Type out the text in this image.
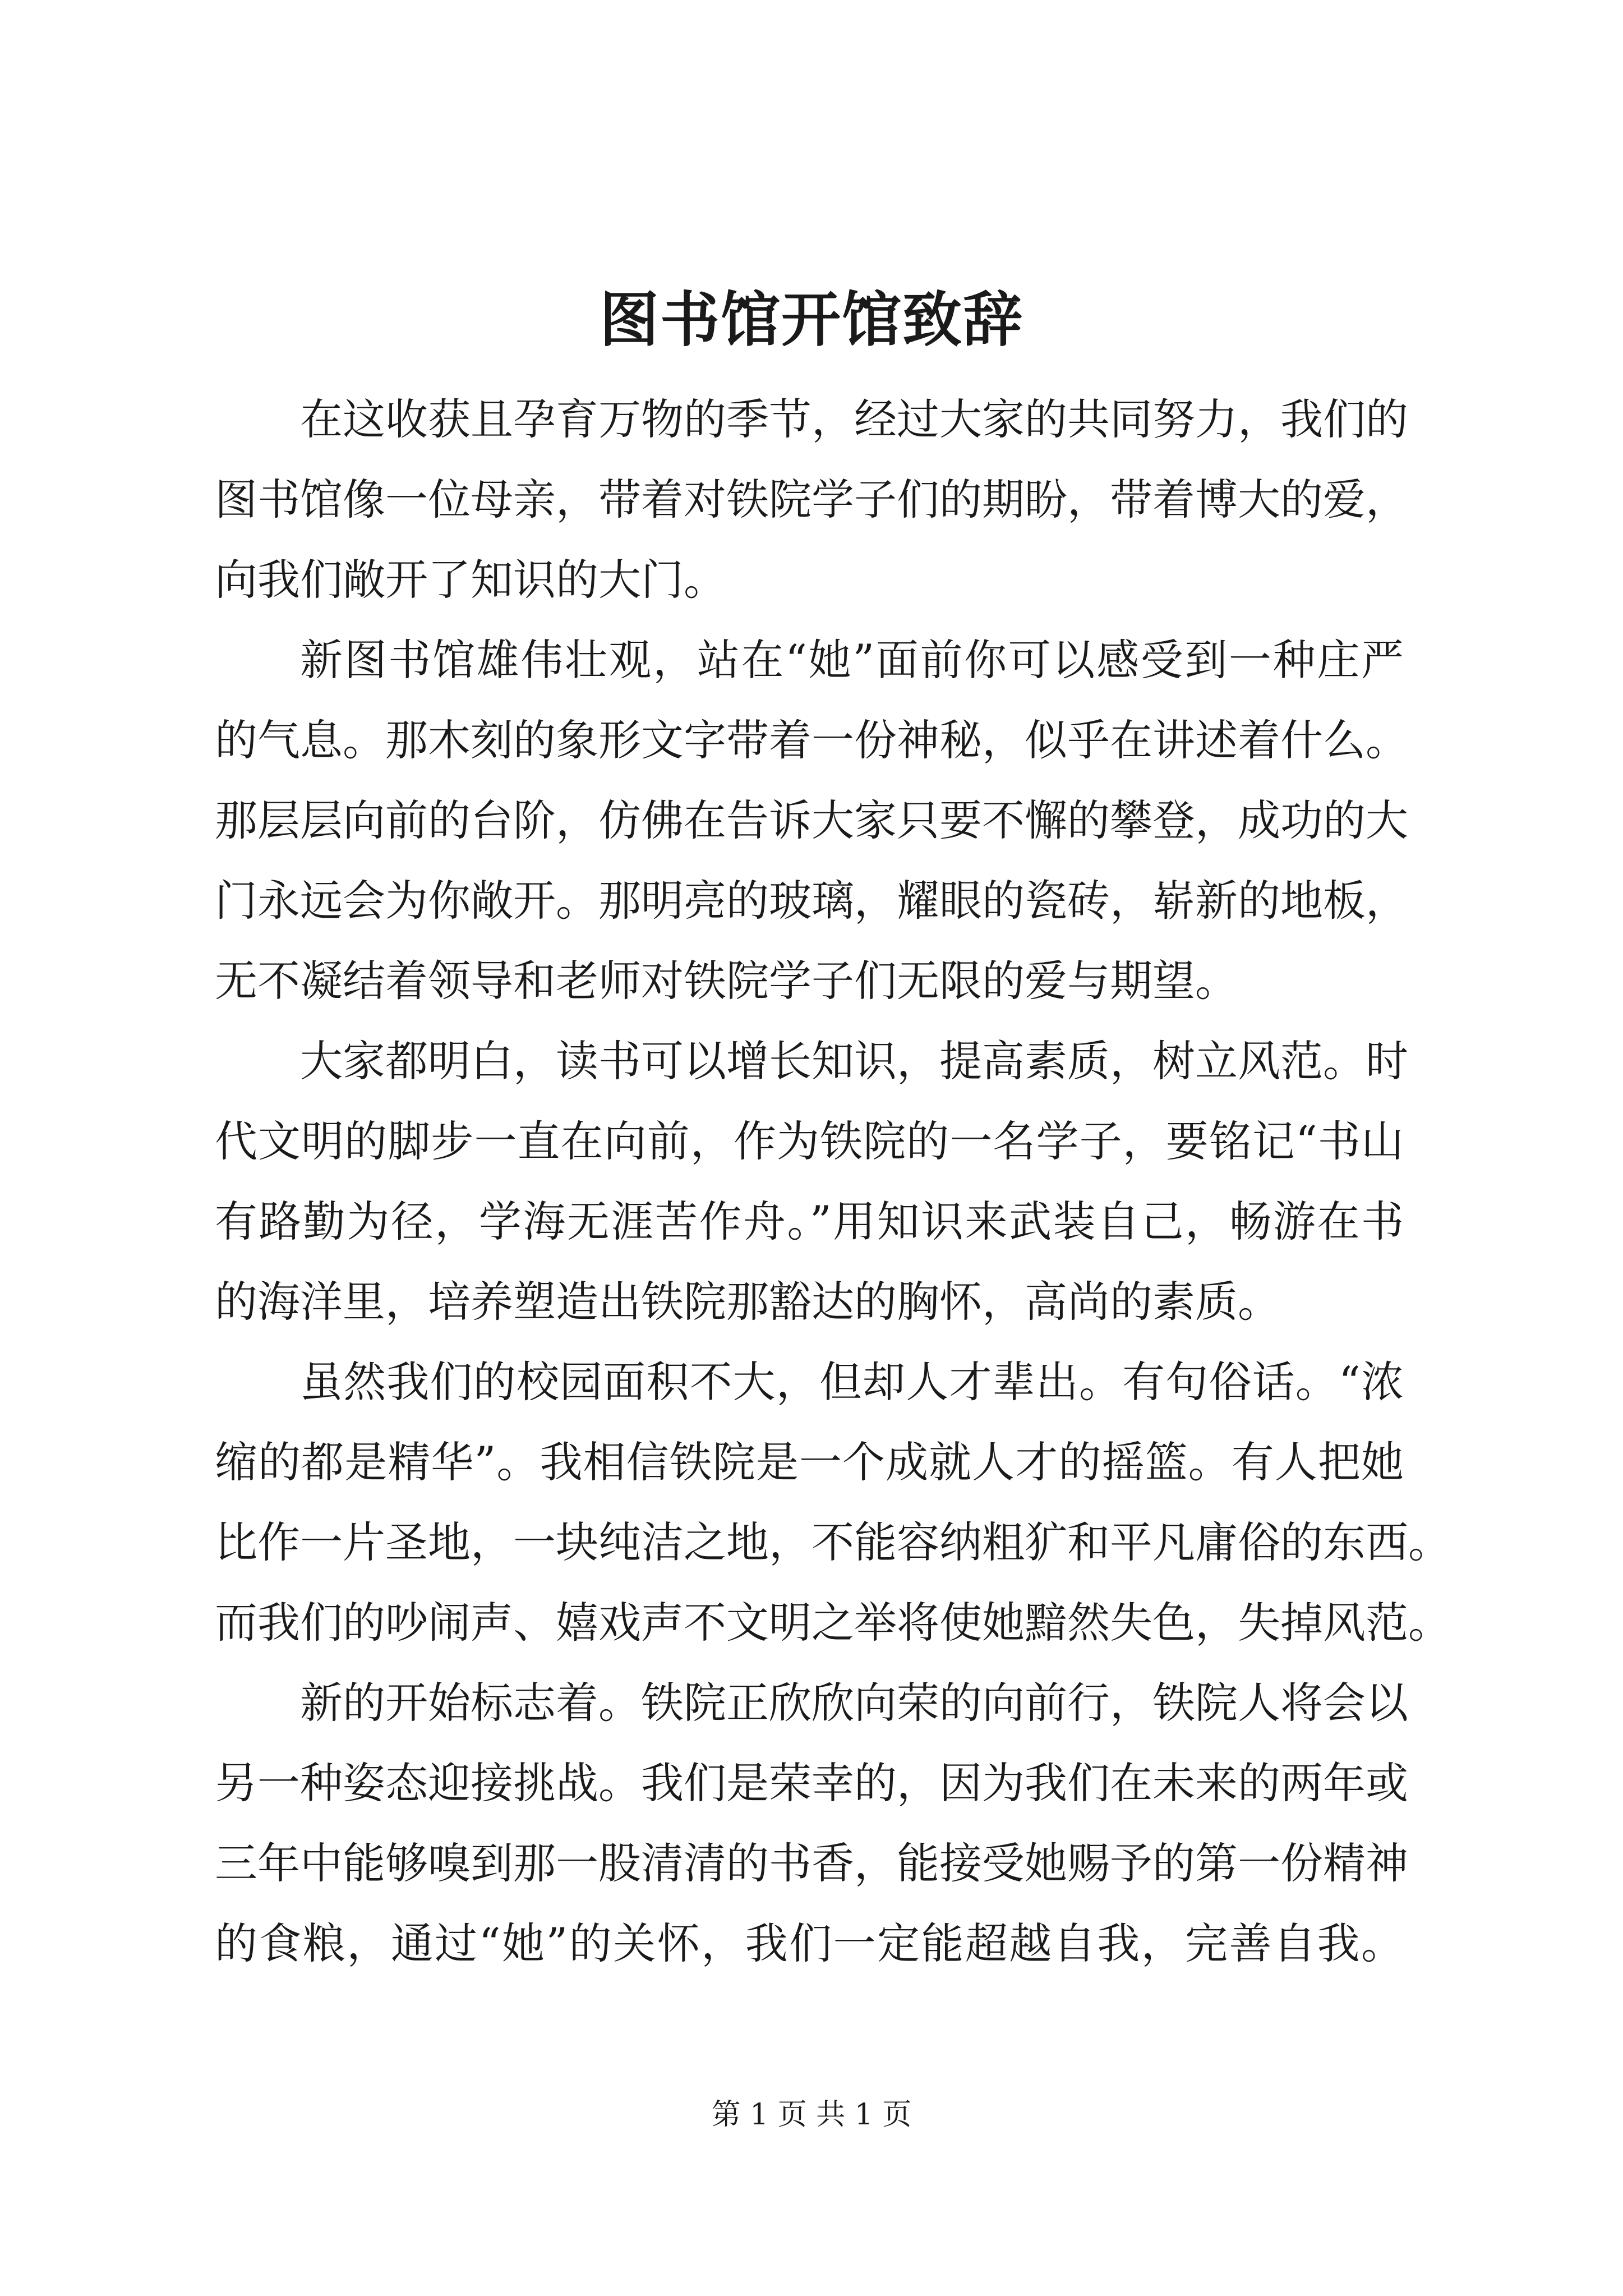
图书馆开馆致辞
在这收获且孕育万物的季节，经过大家的共同努力，我们的
图书馆像一位母亲，带着对铁院学子们的期盼，带着博大的爱，
向我们敞开了知识的大门。
新图书馆雄伟壮观，站在“她”面前你可以感受到一种庄严
的气息。那木刻的象形文字带着一份神秘，似乎在讲述着什么。
那层层向前的台阶，仿佛在告诉大家只要不懈的攀登，成功的大
门永远会为你敞开。那明亮的玻璃，耀眼的瓷砖，崭新的地板，
无不凝结着领导和老师对铁院学子们无限的爱与期望。
大家都明白，读书可以增长知识，提高素质，树立风范。时
代文明的脚步一直在向前，作为铁院的一名学子，要铭记“书山
有路勤为径，学海无涯苦作舟。”用知识来武装自己，畅游在书
的海洋里，培养塑造出铁院那豁达的胸怀，高尚的素质。
虽然我们的校园面积不大，但却人才辈出。有句俗话。“浓
缩的都是精华”。我相信铁院是一个成就人才的摇篮。有人把她
比作一片圣地，一块纯洁之地，不能容纳粗犷和平凡庸俗的东西。
而我们的吵闹声、嬉戏声不文明之举将使她黯然失色，失掉风范。
新的开始标志着。铁院正欣欣向荣的向前行，铁院人将会以
另一种姿态迎接挑战。我们是荣幸的，因为我们在未来的两年或
三年中能够嗅到那一股清清的书香，能接受她赐予的第一份精神
的食粮，通过“她”的关怀，我们一定能超越自我，完善自我。
第 1 页 共 1 页
